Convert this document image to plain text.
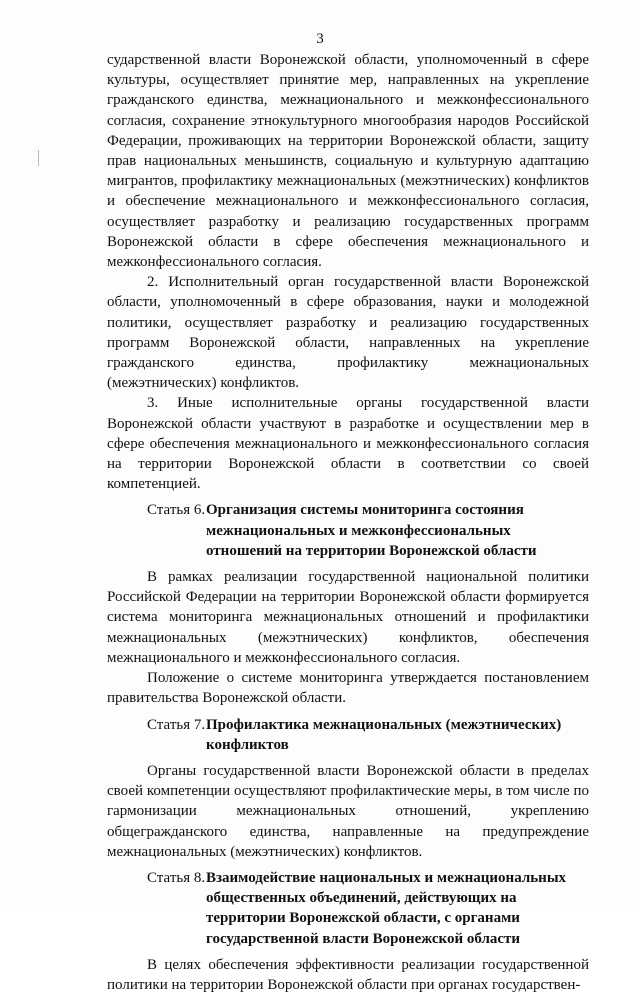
3

сударственной власти Воронежской области, уполномоченный в сфере культуры, осуществляет принятие мер, направленных на укрепление гражданского единства, межнационального и межконфессионального согласия, сохранение этнокультурного многообразия народов Российской Федерации, проживающих на территории Воронежской области, защиту прав национальных меньшинств, социальную и культурную адаптацию мигрантов, профилактику межнациональных (межэтнических) конфликтов и обеспечение межнационального и межконфессионального согласия, осуществляет разработку и реализацию государственных программ Воронежской области в сфере обеспечения межнационального и межконфессионального согласия.

2. Исполнительный орган государственной власти Воронежской области, уполномоченный в сфере образования, науки и молодежной политики, осуществляет разработку и реализацию государственных программ Воронежской области, направленных на укрепление гражданского единства, профилактику межнациональных (межэтнических) конфликтов.

3. Иные исполнительные органы государственной власти Воронежской области участвуют в разработке и осуществлении мер в сфере обеспечения межнационального и межконфессионального согласия на территории Воронежской области в соответствии со своей компетенцией.

Статья 6. Организация системы мониторинга состояния межнациональных и межконфессиональных отношений на территории Воронежской области

В рамках реализации государственной национальной политики Российской Федерации на территории Воронежской области формируется система мониторинга межнациональных отношений и профилактики межнациональных (межэтнических) конфликтов, обеспечения межнационального и межконфессионального согласия.

Положение о системе мониторинга утверждается постановлением правительства Воронежской области.

Статья 7. Профилактика межнациональных (межэтнических) конфликтов

Органы государственной власти Воронежской области в пределах своей компетенции осуществляют профилактические меры, в том числе по гармонизации межнациональных отношений, укреплению общегражданского единства, направленные на предупреждение межнациональных (межэтнических) конфликтов.

Статья 8. Взаимодействие национальных и межнациональных общественных объединений, действующих на территории Воронежской области, с органами государственной власти Воронежской области

В целях обеспечения эффективности реализации государственной политики на территории Воронежской области при органах государствен-
